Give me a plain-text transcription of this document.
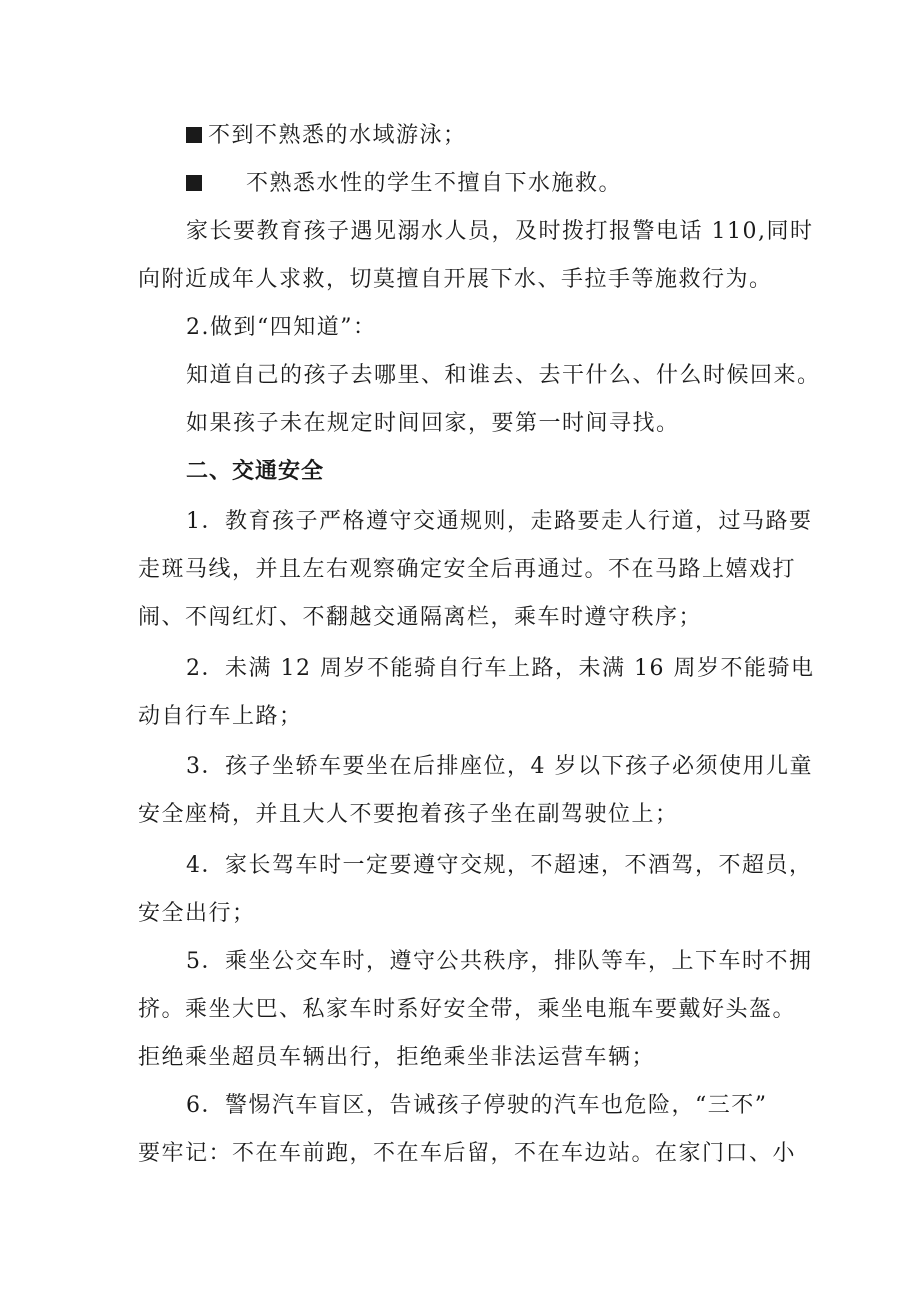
不到不熟悉的水域游泳；
不熟悉水性的学生不擅自下水施救。
家长要教育孩子遇见溺水人员，及时拨打报警电话 110,同时
向附近成年人求救，切莫擅自开展下水、手拉手等施救行为。
2.做到“四知道”：
知道自己的孩子去哪里、和谁去、去干什么、什么时候回来。
如果孩子未在规定时间回家，要第一时间寻找。
二、交通安全
1．教育孩子严格遵守交通规则，走路要走人行道，过马路要
走斑马线，并且左右观察确定安全后再通过。不在马路上嬉戏打
闹、不闯红灯、不翻越交通隔离栏，乘车时遵守秩序；
2．未满 12 周岁不能骑自行车上路，未满 16 周岁不能骑电
动自行车上路；
3．孩子坐轿车要坐在后排座位，4 岁以下孩子必须使用儿童
安全座椅，并且大人不要抱着孩子坐在副驾驶位上；
4．家长驾车时一定要遵守交规，不超速，不酒驾，不超员，
安全出行；
5．乘坐公交车时，遵守公共秩序，排队等车，上下车时不拥
挤。乘坐大巴、私家车时系好安全带，乘坐电瓶车要戴好头盔。
拒绝乘坐超员车辆出行，拒绝乘坐非法运营车辆；
6．警惕汽车盲区，告诫孩子停驶的汽车也危险，“三不”
要牢记：不在车前跑，不在车后留，不在车边站。在家门口、小
